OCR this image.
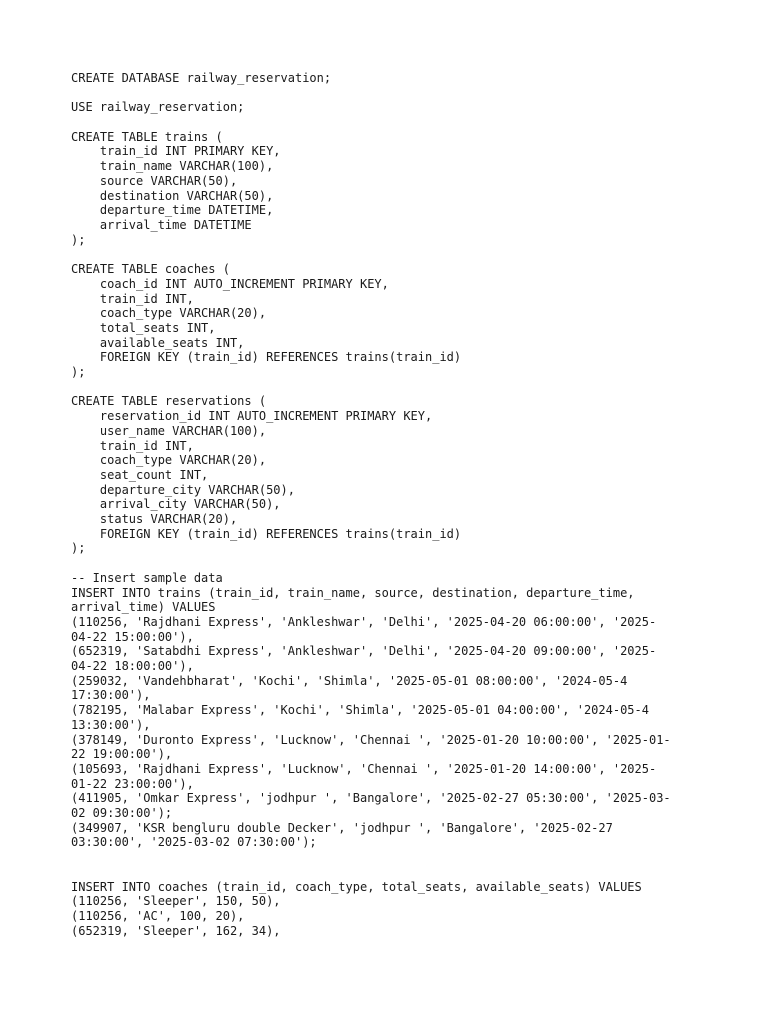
CREATE DATABASE railway_reservation;
USE railway_reservation;
CREATE TABLE trains (
train_id INT PRIMARY KEY,
train_name VARCHAR(100),
source VARCHAR(50),
destination VARCHAR(50),
departure_time DATETIME,
arrival_time DATETIME
);
CREATE TABLE coaches (
coach_id INT AUTO_INCREMENT PRIMARY KEY,
train_id INT,
coach_type VARCHAR(20),
total_seats INT,
available_seats INT,
FOREIGN KEY (train_id) REFERENCES trains(train_id)
);
CREATE TABLE reservations (
reservation_id INT AUTO_INCREMENT PRIMARY KEY,
user_name VARCHAR(100),
train_id INT,
coach_type VARCHAR(20),
seat_count INT,
departure_city VARCHAR(50),
arrival_city VARCHAR(50),
status VARCHAR(20),
FOREIGN KEY (train_id) REFERENCES trains(train_id)
);
-- Insert sample data
INSERT INTO trains (train_id, train_name, source, destination, departure_time,
arrival_time) VALUES
(110256, 'Rajdhani Express', 'Ankleshwar', 'Delhi', '2025-04-20 06:00:00', '2025-
04-22 15:00:00'),
(652319, 'Satabdhi Express', 'Ankleshwar', 'Delhi', '2025-04-20 09:00:00', '2025-
04-22 18:00:00'),
(259032, 'Vandehbharat', 'Kochi', 'Shimla', '2025-05-01 08:00:00', '2024-05-4
17:30:00'),
(782195, 'Malabar Express', 'Kochi', 'Shimla', '2025-05-01 04:00:00', '2024-05-4
13:30:00'),
(378149, 'Duronto Express', 'Lucknow', 'Chennai ', '2025-01-20 10:00:00', '2025-01-
22 19:00:00'),
(105693, 'Rajdhani Express', 'Lucknow', 'Chennai ', '2025-01-20 14:00:00', '2025-
01-22 23:00:00'),
(411905, 'Omkar Express', 'jodhpur ', 'Bangalore', '2025-02-27 05:30:00', '2025-03-
02 09:30:00');
(349907, 'KSR bengluru double Decker', 'jodhpur ', 'Bangalore', '2025-02-27
03:30:00', '2025-03-02 07:30:00');
INSERT INTO coaches (train_id, coach_type, total_seats, available_seats) VALUES
(110256, 'Sleeper', 150, 50),
(110256, 'AC', 100, 20),
(652319, 'Sleeper', 162, 34),
